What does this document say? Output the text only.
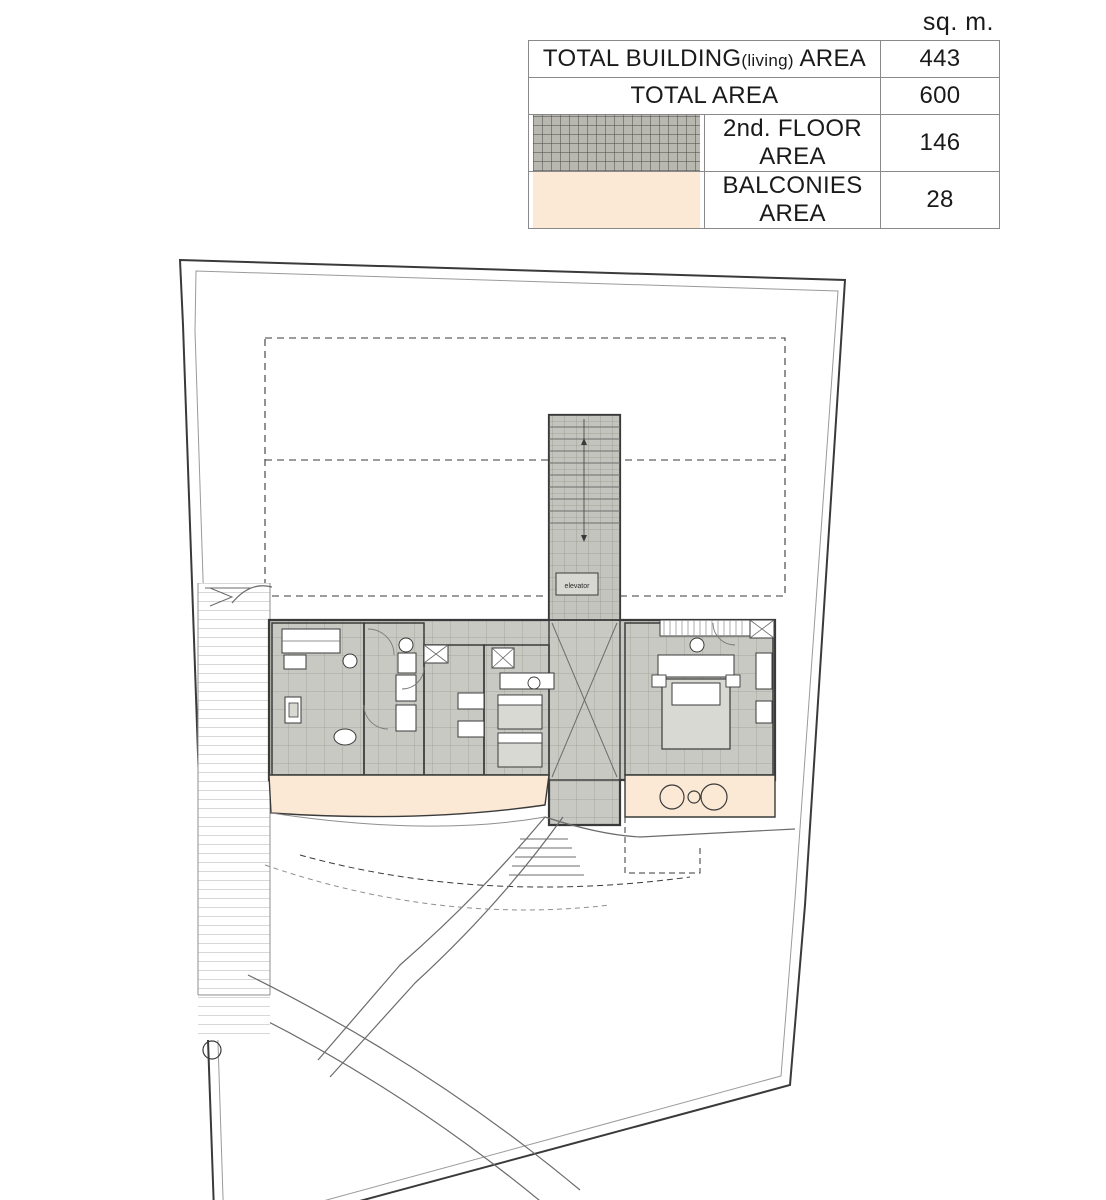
sq. m.
TOTAL BUILDING(living) AREA		443
TOTAL AREA		600

	2nd. FLOOR AREA	146

	BALCONIES AREA	28
elevator
